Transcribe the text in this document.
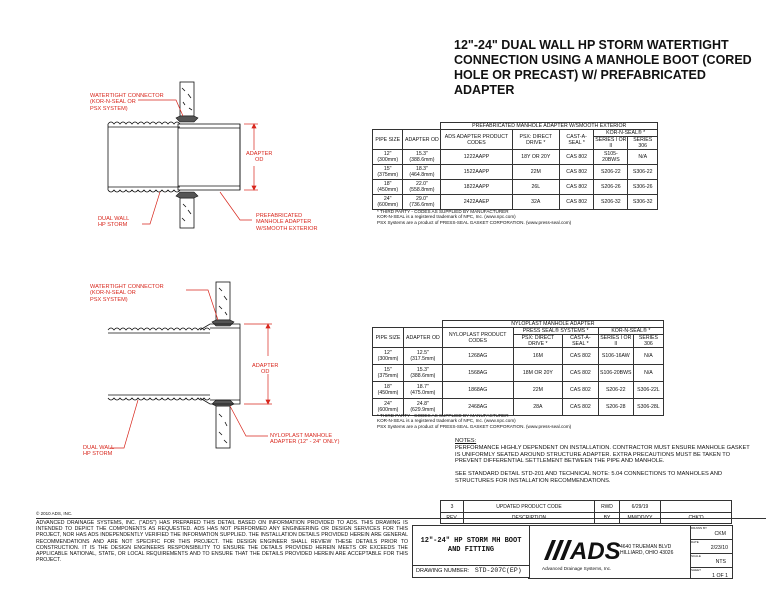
12"-24" DUAL WALL HP STORM WATERTIGHT CONNECTION USING A MANHOLE BOOT (CORED HOLE OR PRECAST) W/ PREFABRICATED ADAPTER
WATERTIGHT CONNECTOR
(KOR-N-SEAL OR
PSX SYSTEM)
DUAL WALL
HP STORM
PREFABRICATED
MANHOLE ADAPTER
W/SMOOTH EXTERIOR
ADAPTER
OD
		PREFABRICATED MANHOLE ADAPTER W/SMOOTH EXTERIOR				
PIPE SIZE	ADAPTER OD	ADS ADAPTER PRODUCT CODES	PSX: DIRECT DRIVE *	CAST-A-SEAL *	KOR-N-SEAL® *	
					SERIES I OR II	SERIES 306
12" (300mm)	15.3" (388.6mm)	1222AAPP	18Y OR 20Y	CAS 802	S105-20BWS	N/A
15" (375mm)	18.3" (464.8mm)	1522AAPP	22M	CAS 802	S206-22	S306-22
18" (450mm)	22.0" (558.8mm)	1822AAPP	26L	CAS 802	S206-26	S306-26
24" (600mm)	29.0" (736.6mm)	2422AAEP	32A	CAS 802	S206-32	S306-32
* THIRD PARTY - CODES AS SUPPLIED BY MANUFACTURER
KOR-N-SEAL is a registered trademark of NPC, Inc. (www.npc.com)
PSX Systems are a product of PRESS-SEAL GASKET CORPORATION. (www.press-seal.com)
WATERTIGHT CONNECTOR
(KOR-N-SEAL OR
PSX SYSTEM)
DUAL WALL
HP STORM
NYLOPLAST MANHOLE
ADAPTER (12" - 24" ONLY)
ADAPTER
OD
		NYLOPLAST MANHOLE ADAPTER				
PIPE SIZE	ADAPTER OD	NYLOPLAST PRODUCT CODES	PRESS SEAL® SYSTEMS *		KOR-N-SEAL® *	
			PSX: DIRECT DRIVE *	CAST-A-SEAL *	SERIES I OR II	SERIES 306
12" (300mm)	12.5" (317.5mm)	1268AG	16M	CAS 802	S106-16AW	N/A
15" (375mm)	15.3" (388.6mm)	1568AG	18M OR 20Y	CAS 802	S106-20BWS	N/A
18" (450mm)	18.7" (475.0mm)	1868AG	22M	CAS 802	S206-22	S306-22L
24" (600mm)	24.8" (629.9mm)	2468AG	28A	CAS 802	S206-28	S306-28L
* THIRD PARTY - CODES AS SUPPLIED BY MANUFACTURER
KOR-N-SEAL is a registered trademark of NPC, Inc. (www.npc.com)
PSX Systems are a product of PRESS-SEAL GASKET CORPORATION. (www.press-seal.com)
NOTES:
PERFORMANCE HIGHLY DEPENDENT ON INSTALLATION. CONTRACTOR MUST ENSURE MANHOLE GASKET IS UNIFORMLY SEATED AROUND STRUCTURE ADAPTER. EXTRA PRECAUTIONS MUST BE TAKEN TO PREVENT DIFFERENTIAL SETTLEMENT BETWEEN THE PIPE AND MANHOLE.
SEE STANDARD DETAIL STD-201 AND TECHNICAL NOTE: 5.04 CONNECTIONS TO MANHOLES AND STRUCTURES FOR INSTALLATION RECOMMENDATIONS.
© 2010 ADS, INC.
3	UPDATED PRODUCT CODE	RWD	6/29/19	
REV.	DESCRIPTION	BY	MM/DD/YY	CHK'D
ADVANCED DRAINAGE SYSTEMS, INC. ("ADS") HAS PREPARED THIS DETAIL BASED ON INFORMATION PROVIDED TO ADS. THIS DRAWING IS INTENDED TO DEPICT THE COMPONENTS AS REQUESTED. ADS HAS NOT PERFORMED ANY ENGINEERING OR DESIGN SERVICES FOR THIS PROJECT, NOR HAS ADS INDEPENDENTLY VERIFIED THE INFORMATION SUPPLIED. THE INSTALLATION DETAILS PROVIDED HEREIN ARE GENERAL RECOMMENDATIONS AND ARE NOT SPECIFIC FOR THIS PROJECT. THE DESIGN ENGINEER SHALL REVIEW THESE DETAILS PRIOR TO CONSTRUCTION. IT IS THE DESIGN ENGINEERS RESPONSIBILITY TO ENSURE THE DETAILS PROVIDED HEREIN MEETS OR EXCEEDS THE APPLICABLE NATIONAL, STATE, OR LOCAL REQUIREMENTS AND TO ENSURE THAT THE DETAILS PROVIDED HEREIN ARE ACCEPTABLE FOR THIS PROJECT.
12"-24" HP STORM MH BOOT AND FITTING
DRAWING NUMBER: STD-207C(EP)
ADS
Advanced Drainage Systems, Inc.
4640 TRUEMAN BLVD
HILLIARD, OHIO 43026
DRAWN BY
CKM
DATE
2/23/10
SCALE
NTS
SHEET
1 OF 1
